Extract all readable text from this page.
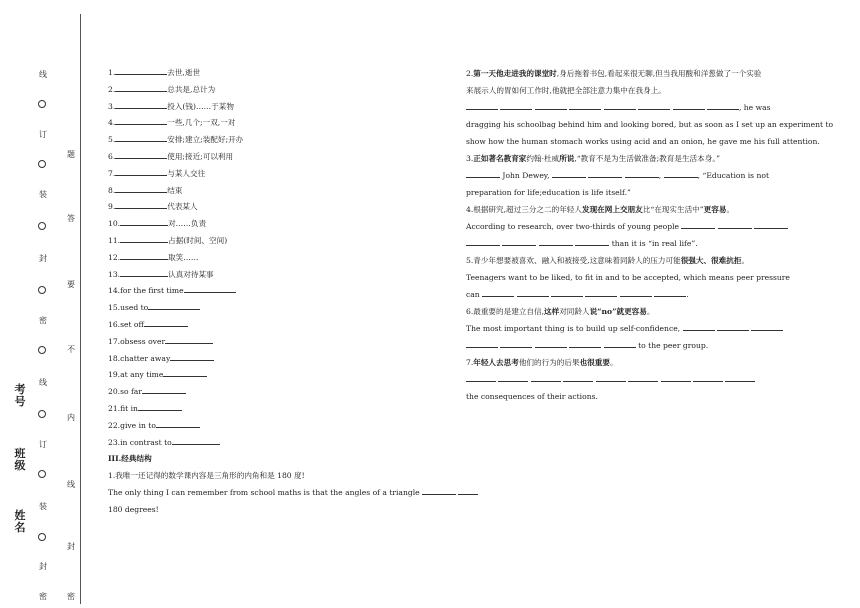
线
订
装
封
密
线
订
装
封
密
题
答
要
不
内
线
封
密
考号
班级
姓名
1.	去世,逝世
2.	总共是,总计为
3.	投入(钱)……于某物
4.	一些,几个;一双,一对
5.	安排;建立;装配好;开办
6.	使用;接近;可以利用
7.	与某人交往
8.	结束
9.	代表某人
10.	对……负责
11.	占据(时间、空间)
12.	取笑……
13.	认真对待某事
14.for the first time
15.used to
16.set off
17.obsess over
18.chatter away
19.at any time
20.so far
21.fit in
22.give in to
23.in contrast to
III.经典结构
1.我唯一还记得的数学课内容是三角形的内角和是 180 度!
The only thing I can remember from school maths is that the angles of a triangle
180 degrees!
2.第一天他走进我的课堂时,身后拖着书包,看起来很无聊,但当我用酸和洋葱做了一个实验
来展示人的胃如何工作时,他就把全部注意力集中在我身上。
, he was
dragging his schoolbag behind him and looking bored, but as soon as I set up an experiment to
show how the human stomach works using acid and an onion, he gave me his full attention.
3.正如著名教育家约翰·杜威所说,“教育不是为生活做准备;教育是生活本身。”
John Dewey,	,	, “Education is not
preparation for life;education is life itself.”
4.根据研究,超过三分之二的年轻人发现在网上交朋友比“在现实生活中”更容易。
According to research, over two-thirds of young people
than it is “in real life”.
5.青少年想要被喜欢、融入和被接受,这意味着同龄人的压力可能很强大、很难抗拒。
Teenagers want to be liked, to fit in and to be accepted, which means peer pressure
can	.
6.最重要的是建立自信,这样对同龄人说“no”就更容易。
The most important thing is to build up self-confidence,
to the peer group.
7.年轻人去思考他们的行为的后果也很重要。

the consequences of their actions.
